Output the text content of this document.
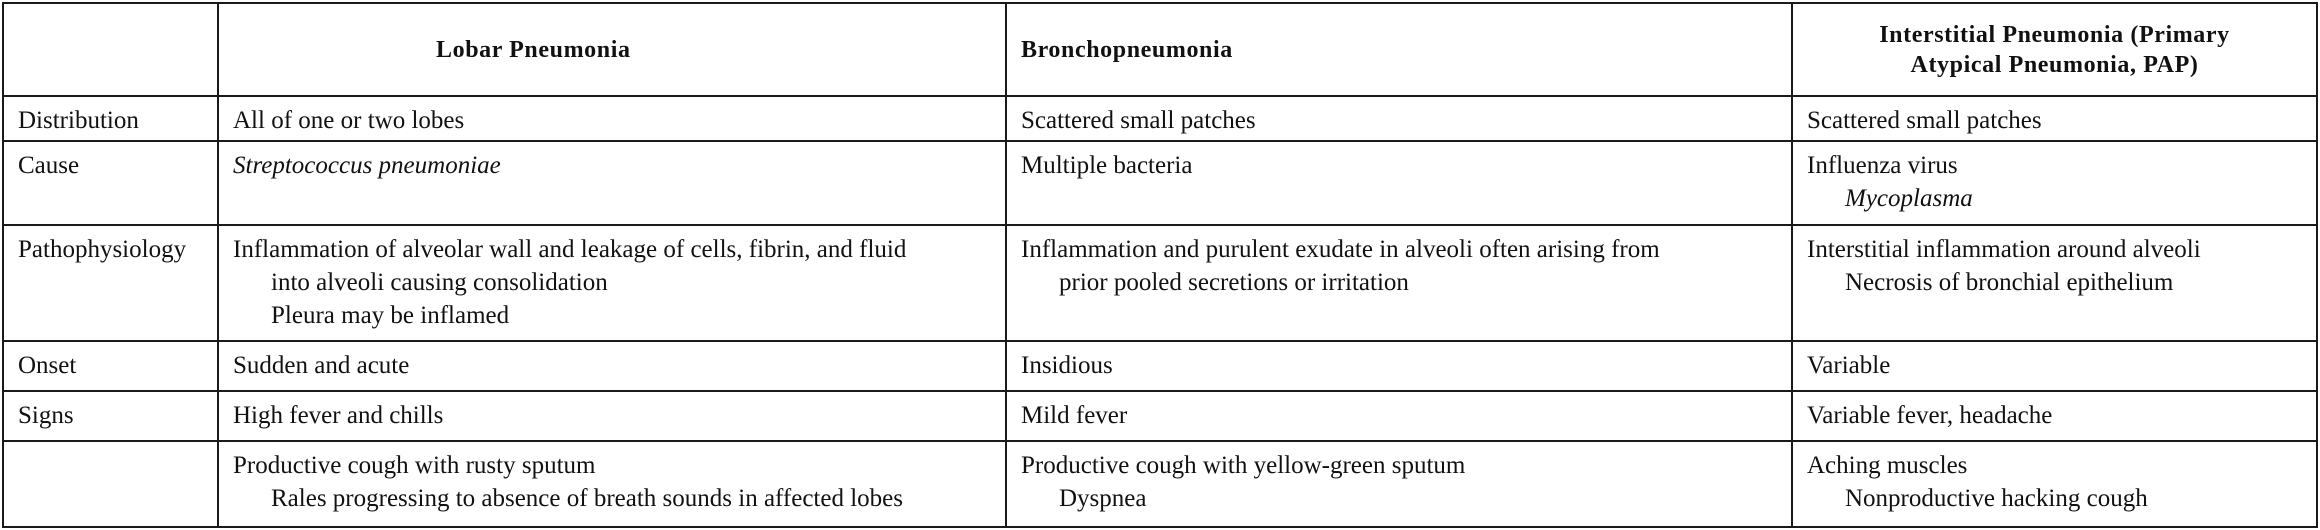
	Lobar Pneumonia	Bronchopneumonia	Interstitial Pneumonia (Primary
Atypical Pneumonia, PAP)

Distribution	All of one or two lobes	Scattered small patches	Scattered small patches

Cause	Streptococcus pneumoniae	Multiple bacteria	Influenza virus
Mycoplasma

Pathophysiology	Inflammation of alveolar wall and leakage of cells, fibrin, and fluid
into alveoli causing consolidation
Pleura may be inflamed	Inflammation and purulent exudate in alveoli often arising from
prior pooled secretions or irritation	Interstitial inflammation around alveoli
Necrosis of bronchial epithelium

Onset	Sudden and acute	Insidious	Variable

Signs	High fever and chills	Mild fever	Variable fever, headache

	Productive cough with rusty sputum
Rales progressing to absence of breath sounds in affected lobes	Productive cough with yellow-green sputum
Dyspnea	Aching muscles
Nonproductive hacking cough
